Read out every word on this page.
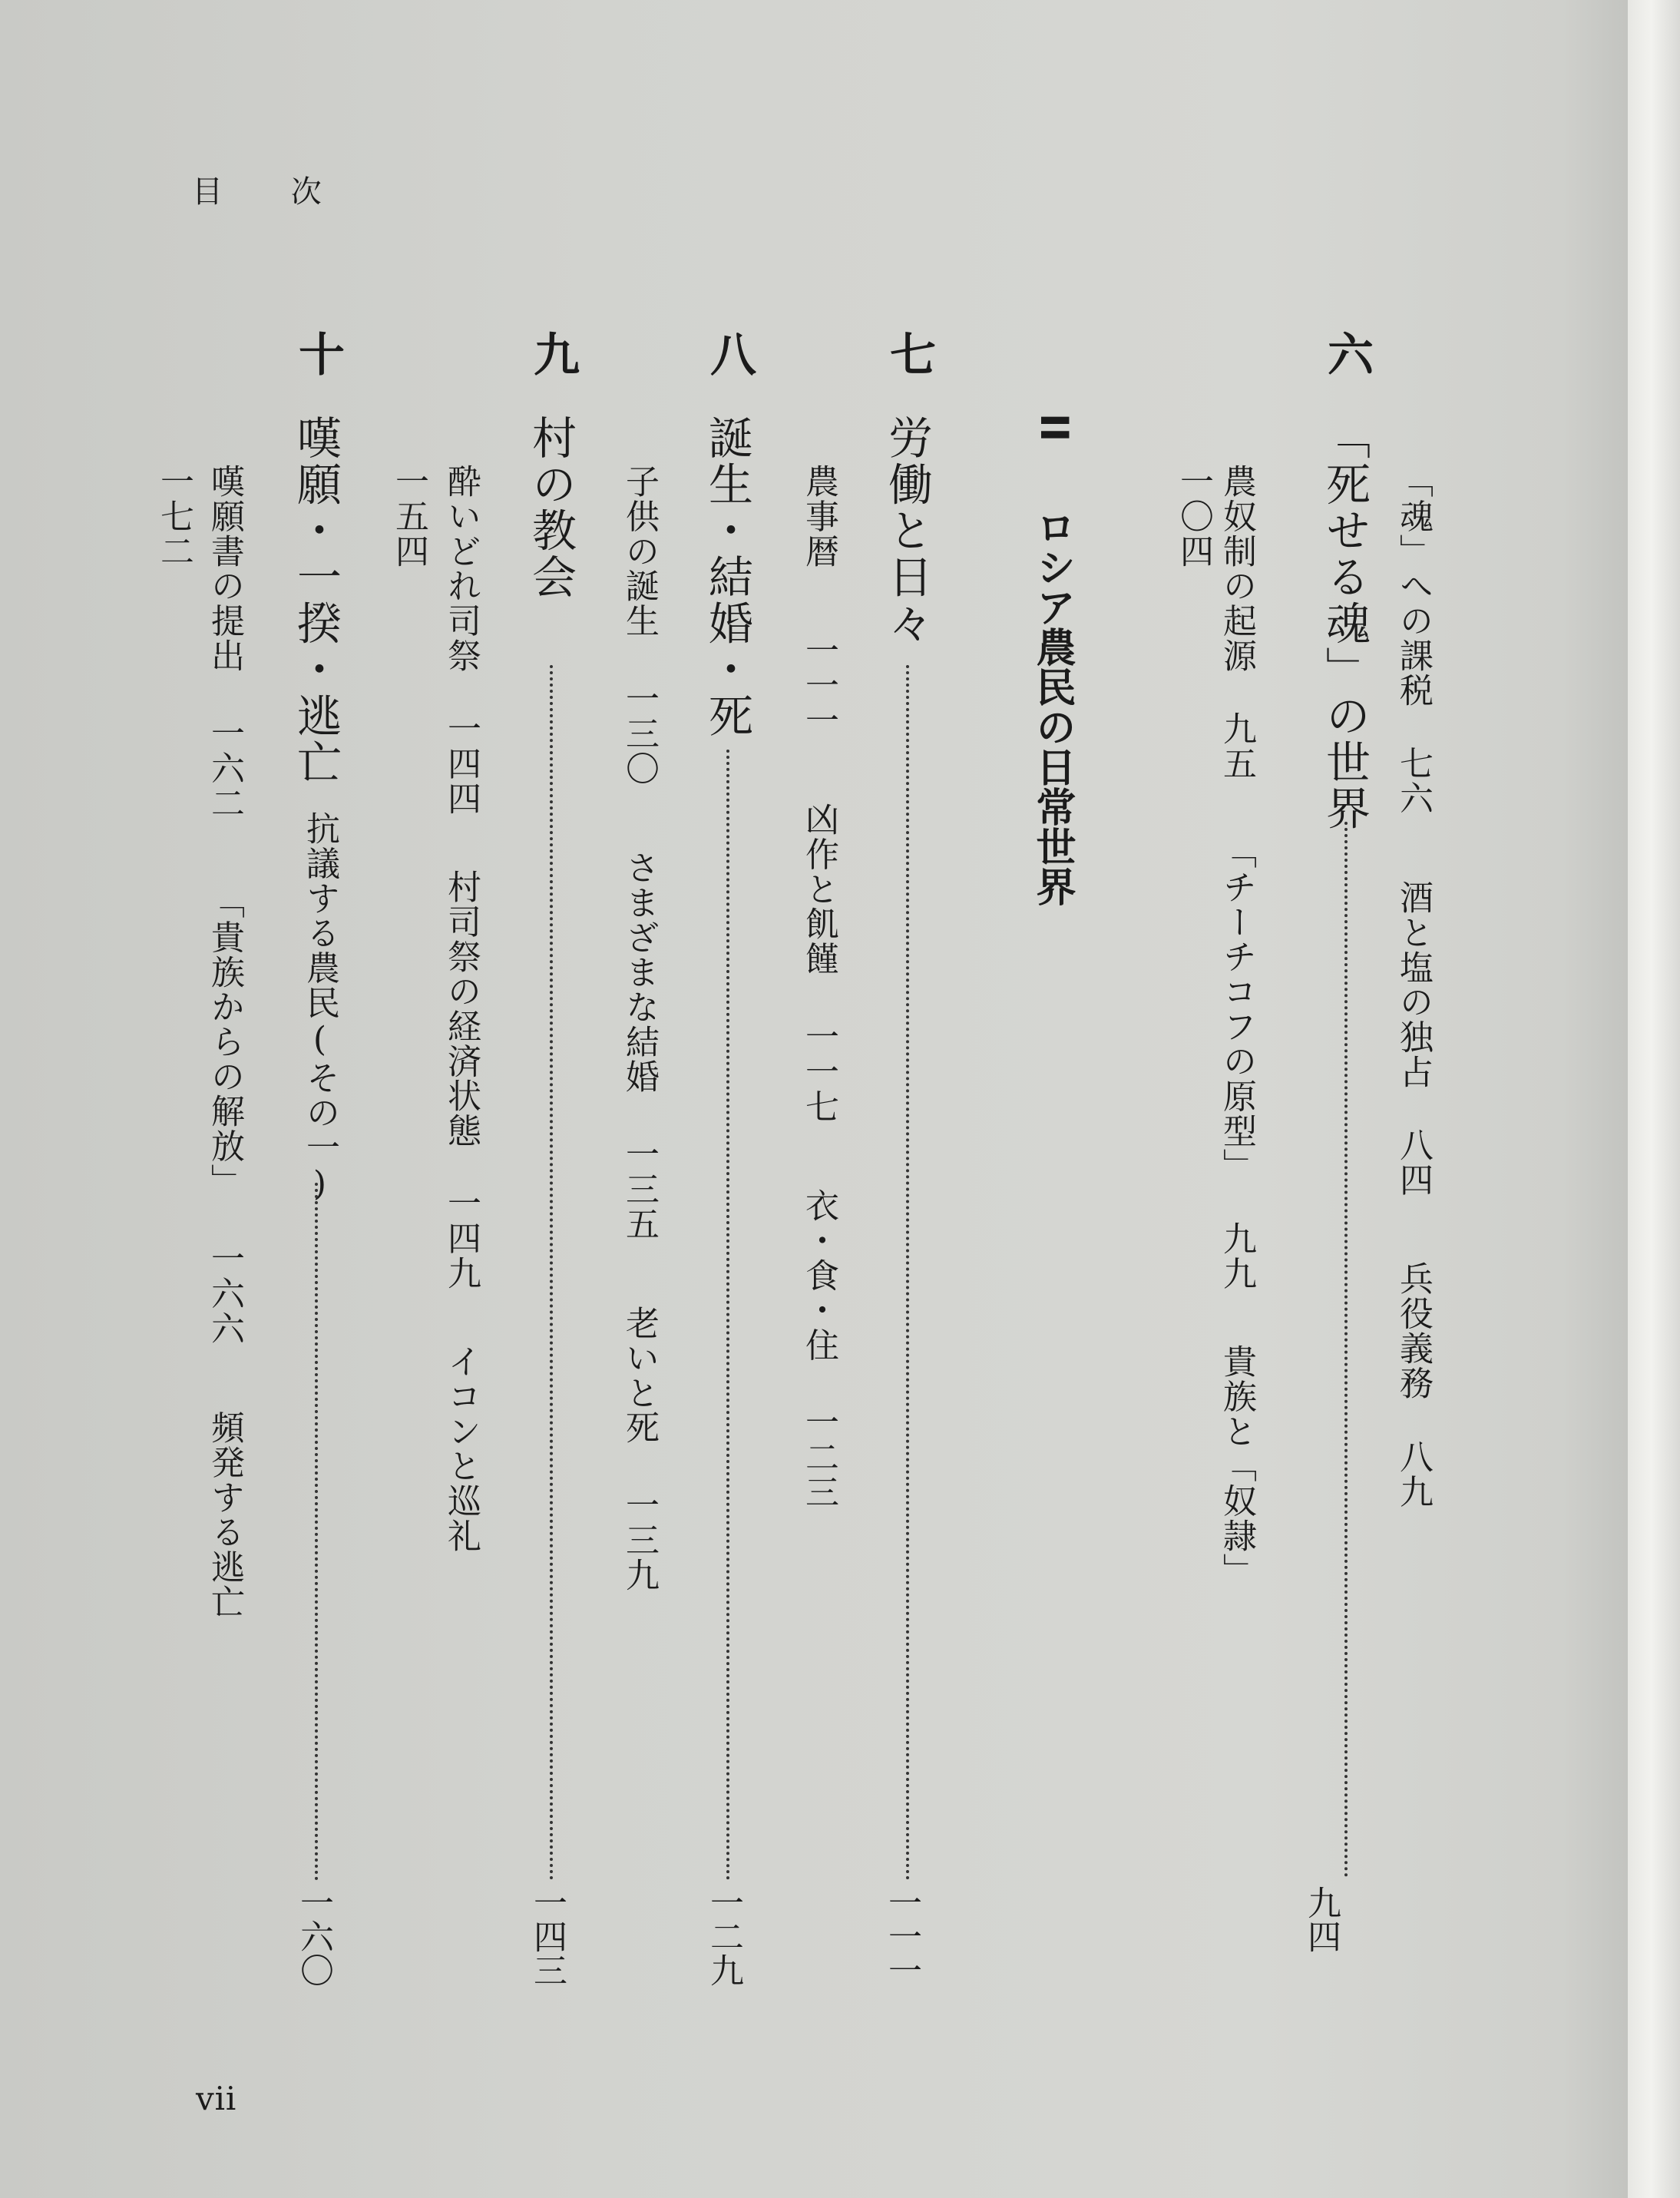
目 次
vii
六
「死せる魂」の世界
九四
「魂」への課税七六酒と塩の独占八四兵役義務八九
農奴制の起源九五「チーチコフの原型」九九貴族と「奴隷」
一〇四
II
ロシア農民の日常世界
七
労働と日々
一一一
農事暦一一一凶作と飢饉一一七衣・食・住一二三
八
誕生・結婚・死
一二九
子供の誕生一三〇さまざまな結婚一三五老いと死一三九
九
村の教会
一四三
酔いどれ司祭一四四村司祭の経済状態一四九イコンと巡礼
一五四
十
嘆願・一揆・逃亡
抗議する農民(その一)
一六〇
嘆願書の提出一六二「貴族からの解放」一六六頻発する逃亡
一七二
